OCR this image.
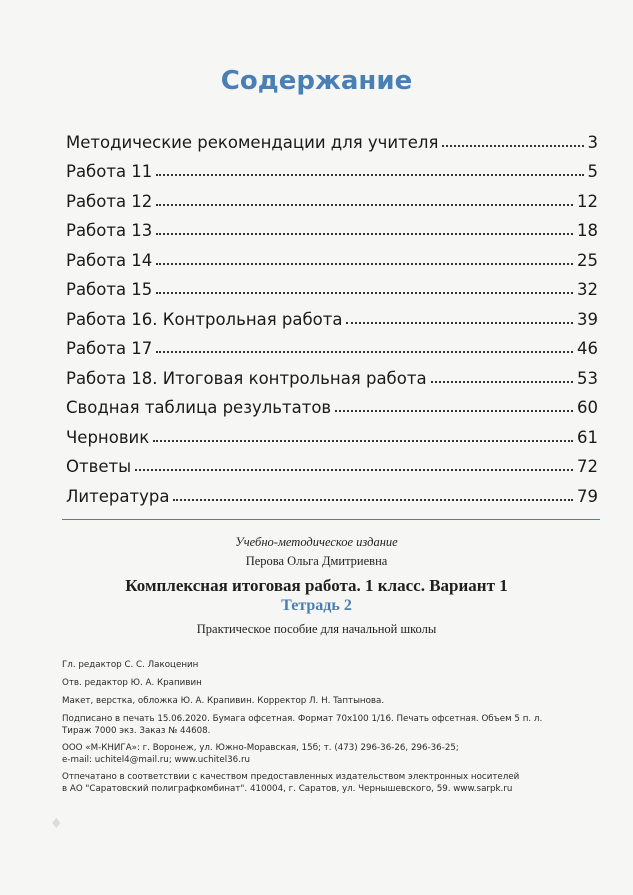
Содержание
Методические рекомендации для учителя	3
Работа 11	5
Работа 12	12
Работа 13	18
Работа 14	25
Работа 15	32
Работа 16. Контрольная работа	39
Работа 17	46
Работа 18. Итоговая контрольная работа	53
Сводная таблица результатов	60
Черновик	61
Ответы	72
Литература	79
Учебно-методическое издание
Перова Ольга Дмитриевна
Комплексная итоговая работа. 1 класс. Вариант 1
Тетрадь 2
Практическое пособие для начальной школы
Гл. редактор С. С. Лакоценин
Отв. редактор Ю. А. Крапивин
Макет, верстка, обложка Ю. А. Крапивин. Корректор Л. Н. Taптынова.
Подписано в печать 15.06.2020. Бумага офсетная. Формат 70x100 1/16. Печать офсетная. Объем 5 п. л.
Тираж 7000 экз. Заказ № 44608.
ООО «М-КНИГА»: г. Воронеж, ул. Южно-Моравская, 15б; т. (473) 296-36-26, 296-36-25;
e-mail: uchitel4@mail.ru; www.uchitel36.ru
Отпечатано в соответствии с качеством предоставленных издательством электронных носителей
в АО "Саратовский полиграфкомбинат". 410004, г. Саратов, ул. Чернышевского, 59. www.sarpk.ru
♦
